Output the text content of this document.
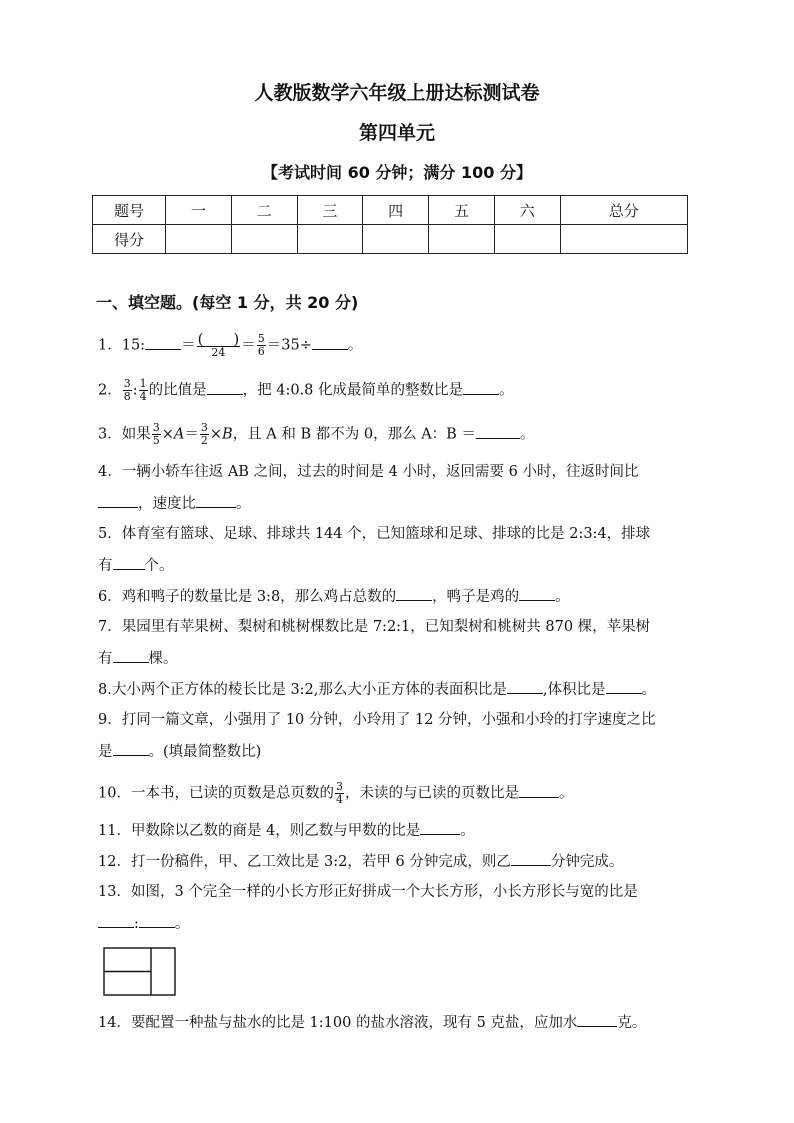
人教版数学六年级上册达标测试卷
第四单元
【考试时间 60 分钟；满分 100 分】
题号	一	二	三	四	五	六	总分
得分							
一、填空题。(每空 1 分，共 20 分)
1．15: ＝ $\frac{( )}{24} = \frac{5}{6} =35\div$ 。
2． $\frac{3}{8}$ : $\frac{1}{4}$ 的比值是 ，把 4:0.8 化成最简单的整数比是 。
3．如果 $\frac{3}{5} \times A= \frac{3}{2} \times B$，且 A 和 B 都不为 0，那么 A：B ＝	。
4．一辆小轿车往返 AB 之间，过去的时间是 4 小时，返回需要 6 小时，往返时间比
，速度比	。
5．体育室有篮球、足球、排球共 144 个，已知篮球和足球、排球的比是 2:3:4，排球
有 个。
6．鸡和鸭子的数量比是 3:8，那么鸡占总数的 ，鸭子是鸡的 。
7．果园里有苹果树、梨树和桃树棵数比是 7:2:1，已知梨树和桃树共 870 棵，苹果树
有 棵。
8.大小两个正方体的棱长比是 3:2,那么大小正方体的表面积比是 ,体积比是 。
9．打同一篇文章，小强用了 10 分钟，小玲用了 12 分钟，小强和小玲的打字速度之比
是 。(填最简整数比)
10．一本书，已读的页数是总页数的 $\frac{3}{4}$ ，未读的与已读的页数比是	。
11．甲数除以乙数的商是 4，则乙数与甲数的比是	。
12．打一份稿件，甲、乙工效比是 3:2，若甲 6 分钟完成，则乙	分钟完成。
13．如图，3 个完全一样的小长方形正好拼成一个大长方形，小长方形长与宽的比是
: 。
14．要配置一种盐与盐水的比是 1:100 的盐水溶液，现有 5 克盐，应加水	克。
